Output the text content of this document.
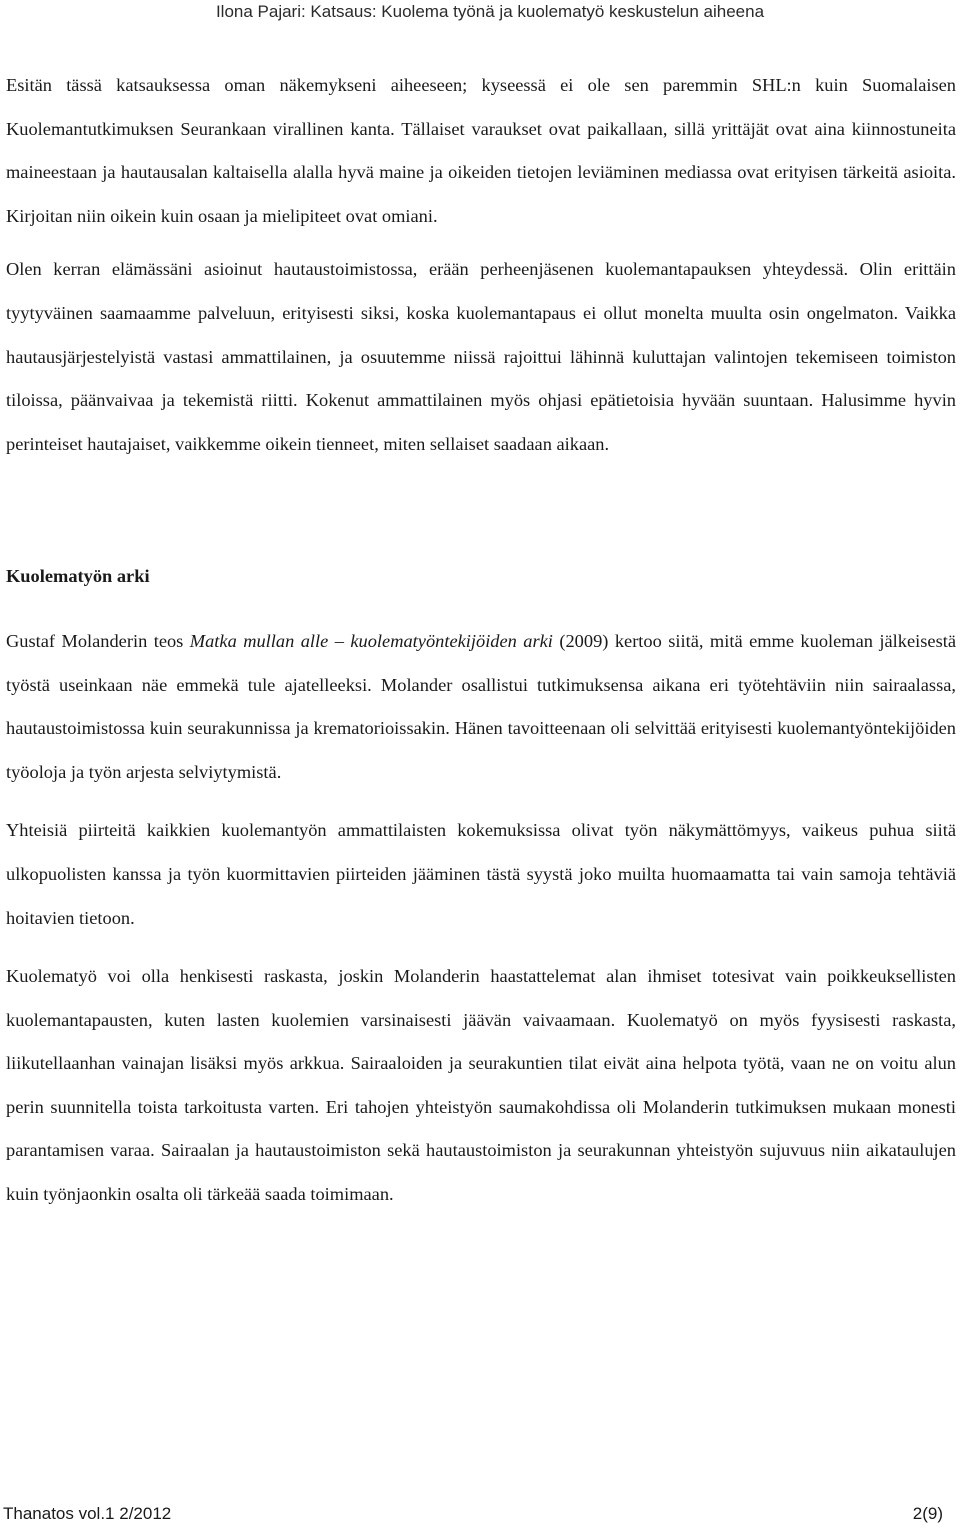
Ilona Pajari: Katsaus: Kuolema työnä ja kuolematyö keskustelun aiheena

Esitän tässä katsauksessa oman näkemykseni aiheeseen; kyseessä ei ole sen paremmin SHL:n kuin Suomalaisen Kuolemantutkimuksen Seurankaan virallinen kanta. Tällaiset varaukset ovat paikallaan, sillä yrittäjät ovat aina kiinnostuneita maineestaan ja hautausalan kaltaisella alalla hyvä maine ja oikeiden tietojen leviäminen mediassa ovat erityisen tärkeitä asioita. Kirjoitan niin oikein kuin osaan ja mielipiteet ovat omiani.

Olen kerran elämässäni asioinut hautaustoimistossa, erään perheenjäsenen kuolemantapauksen yhteydessä. Olin erittäin tyytyväinen saamaamme palveluun, erityisesti siksi, koska kuolemantapaus ei ollut monelta muulta osin ongelmaton. Vaikka hautausjärjestelyistä vastasi ammattilainen, ja osuutemme niissä rajoittui lähinnä kuluttajan valintojen tekemiseen toimiston tiloissa, päänvaivaa ja tekemistä riitti. Kokenut ammattilainen myös ohjasi epätietoisia hyvään suuntaan. Halusimme hyvin perinteiset hautajaiset, vaikkemme oikein tienneet, miten sellaiset saadaan aikaan.

Kuolematyön arki

Gustaf Molanderin teos Matka mullan alle – kuolematyöntekijöiden arki (2009) kertoo siitä, mitä emme kuoleman jälkeisestä työstä useinkaan näe emmekä tule ajatelleeksi. Molander osallistui tutkimuksensa aikana eri työtehtäviin niin sairaalassa, hautaustoimistossa kuin seurakunnissa ja krematorioissakin. Hänen tavoitteenaan oli selvittää erityisesti kuolemantyöntekijöiden työoloja ja työn arjesta selviytymistä.

Yhteisiä piirteitä kaikkien kuolemantyön ammattilaisten kokemuksissa olivat työn näkymättömyys, vaikeus puhua siitä ulkopuolisten kanssa ja työn kuormittavien piirteiden jääminen tästä syystä joko muilta huomaamatta tai vain samoja tehtäviä hoitavien tietoon.

Kuolematyö voi olla henkisesti raskasta, joskin Molanderin haastattelemat alan ihmiset totesivat vain poikkeuksellisten kuolemantapausten, kuten lasten kuolemien varsinaisesti jäävän vaivaamaan. Kuolematyö on myös fyysisesti raskasta, liikutellaanhan vainajan lisäksi myös arkkua. Sairaaloiden ja seurakuntien tilat eivät aina helpota työtä, vaan ne on voitu alun perin suunnitella toista tarkoitusta varten. Eri tahojen yhteistyön saumakohdissa oli Molanderin tutkimuksen mukaan monesti parantamisen varaa. Sairaalan ja hautaustoimiston sekä hautaustoimiston ja seurakunnan yhteistyön sujuvuus niin aikataulujen kuin työnjaonkin osalta oli tärkeää saada toimimaan.

Thanatos vol.1 2/2012	2(9)
